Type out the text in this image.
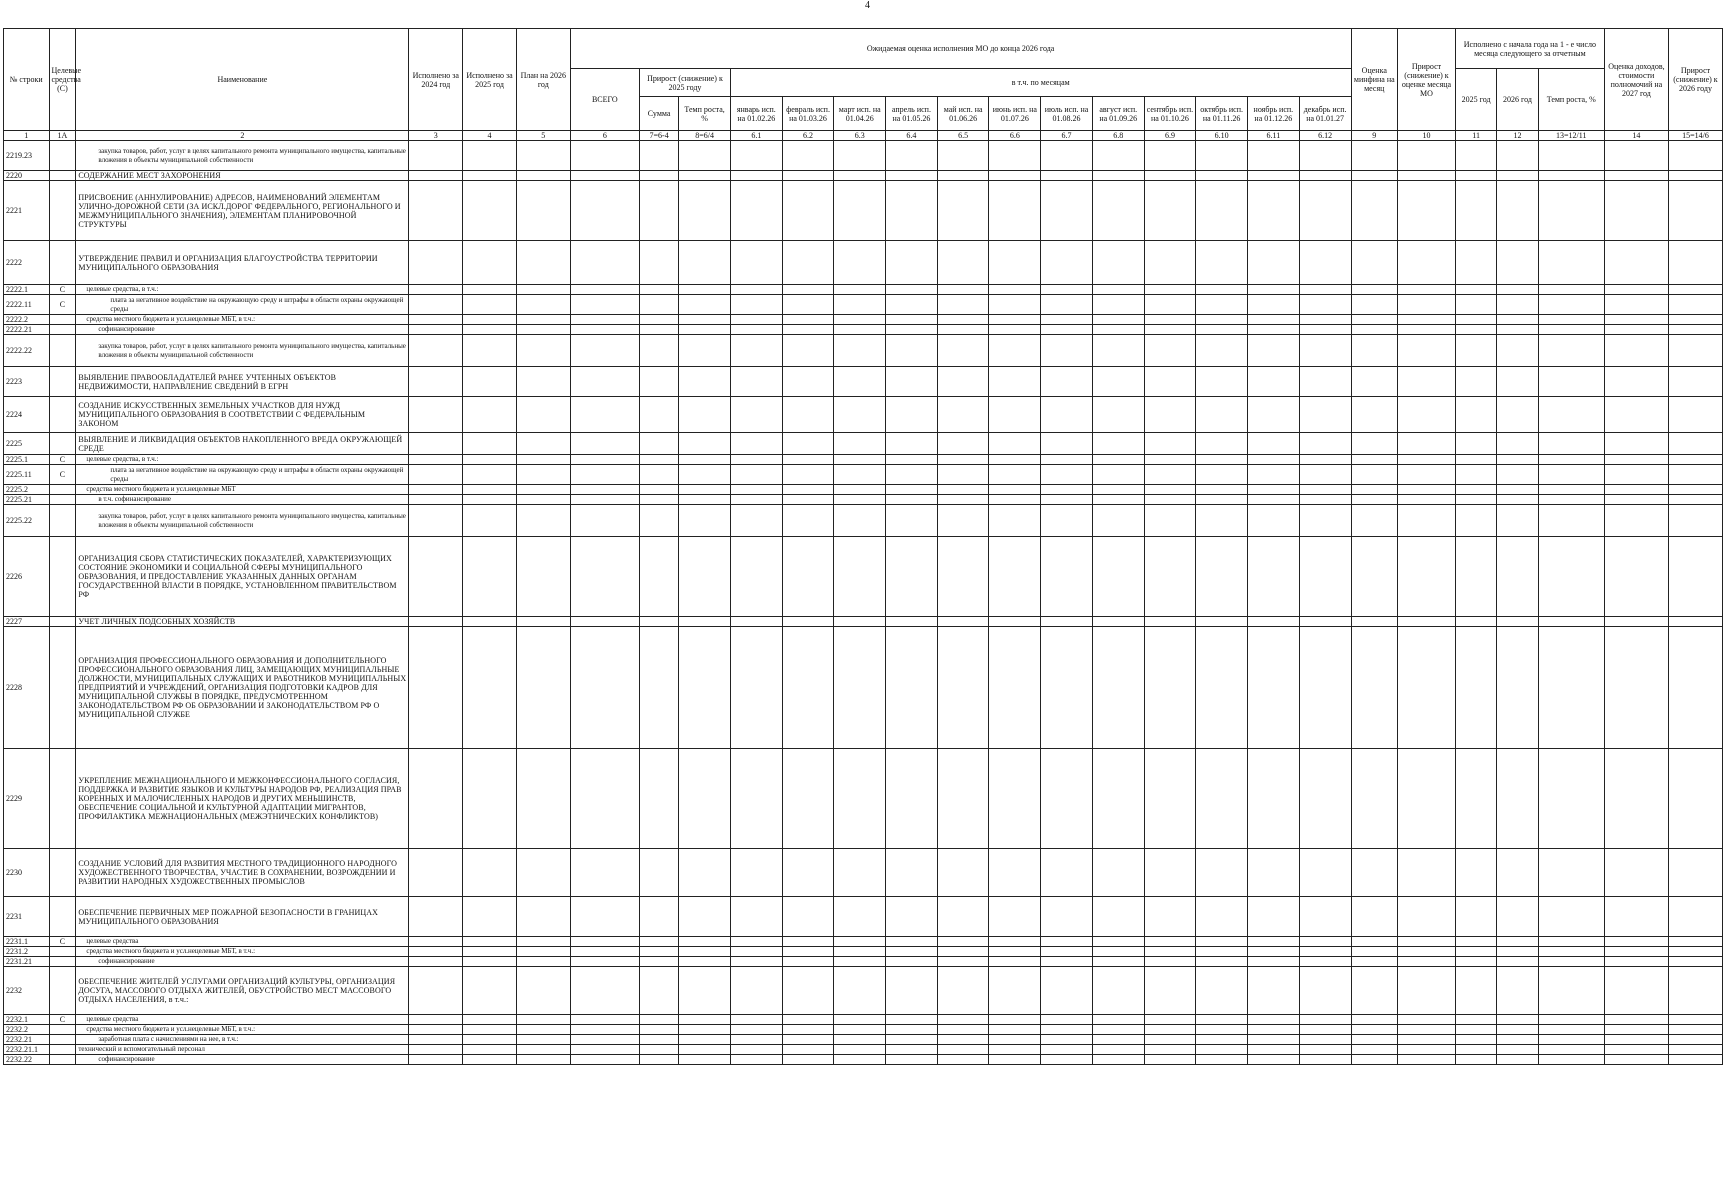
4
№ строки	Целевые средства (С)	Наименование	Исполнено за 2024 год	Исполнено за 2025 год	План на 2026 год	Ожидаемая оценка исполнения МО до конца 2026 года															Оценка минфина на месяц	Прирост (снижение) к оценке месяца МО	Исполнено с начала года на 1 - е число месяца следующего за отчетным			Оценка доходов, стоимости полномочий на 2027 год	Прирост (снижение) к 2026 году
						ВСЕГО	Прирост (снижение) к 2025 году		в т.ч. по месяцам														2025 год	2026 год	Темп роста, %		
							Сумма	Темп роста, %	январь исп. на 01.02.26	февраль исп. на 01.03.26	март исп. на 01.04.26	апрель исп. на 01.05.26	май исп. на 01.06.26	июнь исп. на 01.07.26	июль исп. на 01.08.26	август исп. на 01.09.26	сентябрь исп. на 01.10.26	октябрь исп. на 01.11.26	ноябрь исп. на 01.12.26	декабрь исп. на 01.01.27							
1	1А	2	3	4	5	6	7=6-4	8=6/4	6.1	6.2	6.3	6.4	6.5	6.6	6.7	6.8	6.9	6.10	6.11	6.12	9	10	11	12	13=12/11	14	15=14/6
2219.23		закупка товаров, работ, услуг в целях капитального ремонта муниципального имущества, капитальные вложения в объекты муниципальной собственности																									
2220		СОДЕРЖАНИЕ МЕСТ ЗАХОРОНЕНИЯ																									
2221		ПРИСВОЕНИЕ (АННУЛИРОВАНИЕ) АДРЕСОВ, НАИМЕНОВАНИЙ ЭЛЕМЕНТАМ УЛИЧНО-ДОРОЖНОЙ СЕТИ (ЗА ИСКЛ.ДОРОГ ФЕДЕРАЛЬНОГО, РЕГИОНАЛЬНОГО И МЕЖМУНИЦИПАЛЬНОГО ЗНАЧЕНИЯ), ЭЛЕМЕНТАМ ПЛАНИРОВОЧНОЙ СТРУКТУРЫ																									
2222		УТВЕРЖДЕНИЕ ПРАВИЛ И ОРГАНИЗАЦИЯ БЛАГОУСТРОЙСТВА ТЕРРИТОРИИ МУНИЦИПАЛЬНОГО ОБРАЗОВАНИЯ																									
2222.1	С	целевые средства, в т.ч.:																									
2222.11	С	плата за негативное воздействие на окружающую среду и штрафы в области охраны окружающей среды																									
2222.2		средства местного бюджета и усл.нецелевые МБТ, в т.ч.:																									
2222.21		софинансирование																									
2222.22		закупка товаров, работ, услуг в целях капитального ремонта муниципального имущества, капитальные вложения в объекты муниципальной собственности																									
2223		ВЫЯВЛЕНИЕ ПРАВООБЛАДАТЕЛЕЙ РАНЕЕ УЧТЕННЫХ ОБЪЕКТОВ НЕДВИЖИМОСТИ, НАПРАВЛЕНИЕ СВЕДЕНИЙ В ЕГРН																									
2224		СОЗДАНИЕ ИСКУССТВЕННЫХ ЗЕМЕЛЬНЫХ УЧАСТКОВ ДЛЯ НУЖД МУНИЦИПАЛЬНОГО ОБРАЗОВАНИЯ В СООТВЕТСТВИИ С ФЕДЕРАЛЬНЫМ ЗАКОНОМ																									
2225		ВЫЯВЛЕНИЕ И ЛИКВИДАЦИЯ ОБЪЕКТОВ НАКОПЛЕННОГО ВРЕДА ОКРУЖАЮЩЕЙ СРЕДЕ																									
2225.1	С	целевые средства, в т.ч.:																									
2225.11	С	плата за негативное воздействие на окружающую среду и штрафы в области охраны окружающей среды																									
2225.2		средства местного бюджета и усл.нецелевые МБТ																									
2225.21		в т.ч. софинансирование																									
2225.22		закупка товаров, работ, услуг в целях капитального ремонта муниципального имущества, капитальные вложения в объекты муниципальной собственности																									
2226		ОРГАНИЗАЦИЯ СБОРА СТАТИСТИЧЕСКИХ ПОКАЗАТЕЛЕЙ, ХАРАКТЕРИЗУЮЩИХ СОСТОЯНИЕ ЭКОНОМИКИ И СОЦИАЛЬНОЙ СФЕРЫ МУНИЦИПАЛЬНОГО ОБРАЗОВАНИЯ, И ПРЕДОСТАВЛЕНИЕ УКАЗАННЫХ ДАННЫХ ОРГАНАМ ГОСУДАРСТВЕННОЙ ВЛАСТИ В ПОРЯДКЕ, УСТАНОВЛЕННОМ ПРАВИТЕЛЬСТВОМ РФ																									
2227		УЧЕТ ЛИЧНЫХ ПОДСОБНЫХ ХОЗЯЙСТВ																									
2228		ОРГАНИЗАЦИЯ ПРОФЕССИОНАЛЬНОГО ОБРАЗОВАНИЯ И ДОПОЛНИТЕЛЬНОГО ПРОФЕССИОНАЛЬНОГО ОБРАЗОВАНИЯ ЛИЦ, ЗАМЕЩАЮЩИХ МУНИЦИПАЛЬНЫЕ ДОЛЖНОСТИ, МУНИЦИПАЛЬНЫХ СЛУЖАЩИХ И РАБОТНИКОВ МУНИЦИПАЛЬНЫХ ПРЕДПРИЯТИЙ И УЧРЕЖДЕНИЙ, ОРГАНИЗАЦИЯ ПОДГОТОВКИ КАДРОВ ДЛЯ МУНИЦИПАЛЬНОЙ СЛУЖБЫ В ПОРЯДКЕ, ПРЕДУСМОТРЕННОМ ЗАКОНОДАТЕЛЬСТВОМ РФ ОБ ОБРАЗОВАНИИ И ЗАКОНОДАТЕЛЬСТВОМ РФ О МУНИЦИПАЛЬНОЙ СЛУЖБЕ																									
2229		УКРЕПЛЕНИЕ МЕЖНАЦИОНАЛЬНОГО И МЕЖКОНФЕССИОНАЛЬНОГО СОГЛАСИЯ, ПОДДЕРЖКА И РАЗВИТИЕ ЯЗЫКОВ И КУЛЬТУРЫ НАРОДОВ РФ, РЕАЛИЗАЦИЯ ПРАВ КОРЕННЫХ И МАЛОЧИСЛЕННЫХ НАРОДОВ И ДРУГИХ МЕНЬШИНСТВ, ОБЕСПЕЧЕНИЕ СОЦИАЛЬНОЙ И КУЛЬТУРНОЙ АДАПТАЦИИ МИГРАНТОВ, ПРОФИЛАКТИКА МЕЖНАЦИОНАЛЬНЫХ (МЕЖЭТНИЧЕСКИХ КОНФЛИКТОВ)																									
2230		СОЗДАНИЕ УСЛОВИЙ ДЛЯ РАЗВИТИЯ МЕСТНОГО ТРАДИЦИОННОГО НАРОДНОГО ХУДОЖЕСТВЕННОГО ТВОРЧЕСТВА, УЧАСТИЕ В СОХРАНЕНИИ, ВОЗРОЖДЕНИИ И РАЗВИТИИ НАРОДНЫХ ХУДОЖЕСТВЕННЫХ ПРОМЫСЛОВ																									
2231		ОБЕСПЕЧЕНИЕ ПЕРВИЧНЫХ МЕР ПОЖАРНОЙ БЕЗОПАСНОСТИ В ГРАНИЦАХ МУНИЦИПАЛЬНОГО ОБРАЗОВАНИЯ																									
2231.1	С	целевые средства																									
2231.2		средства местного бюджета и усл.нецелевые МБТ, в т.ч.:																									
2231.21		софинансирование																									
2232		ОБЕСПЕЧЕНИЕ ЖИТЕЛЕЙ УСЛУГАМИ ОРГАНИЗАЦИЙ КУЛЬТУРЫ, ОРГАНИЗАЦИЯ ДОСУГА, МАССОВОГО ОТДЫХА ЖИТЕЛЕЙ, ОБУСТРОЙСТВО МЕСТ МАССОВОГО ОТДЫХА НАСЕЛЕНИЯ, в т.ч.:																									
2232.1	С	целевые средства																									
2232.2		средства местного бюджета и усл.нецелевые МБТ, в т.ч.:																									
2232.21		заработная плата с начислениями на нее, в т.ч.:																									
2232.21.1		технический и вспомогательный персонал																									
2232.22		софинансирование																									
